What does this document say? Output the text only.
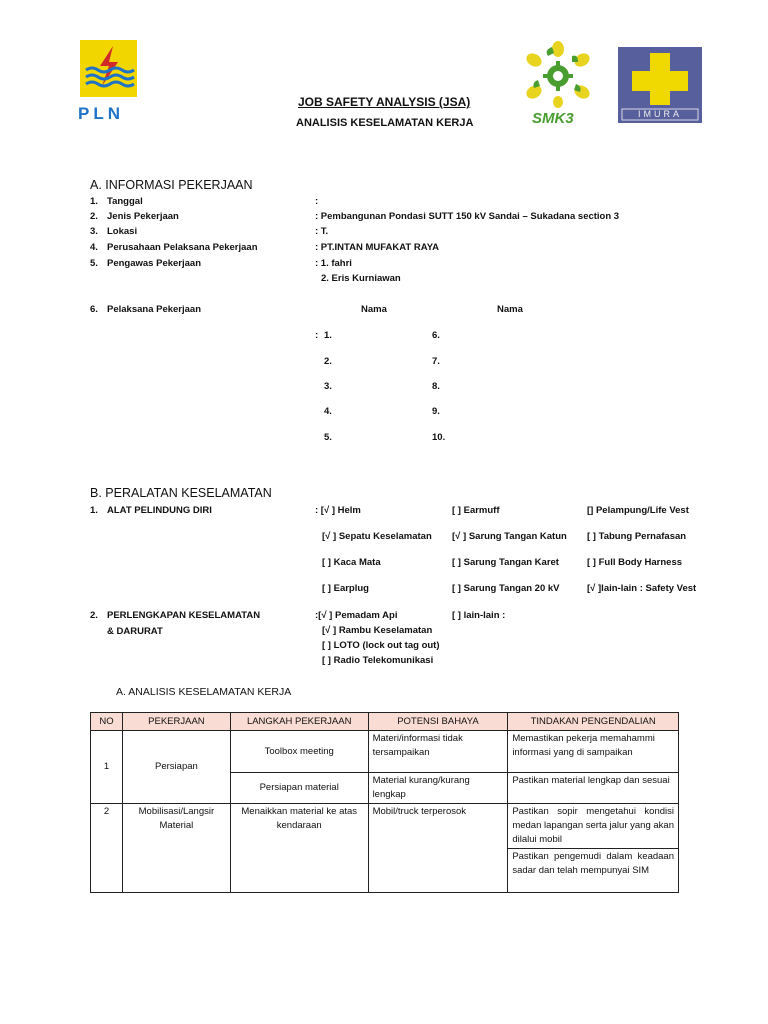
PLN	SMK3	IMURA
JOB SAFETY ANALYSIS (JSA)
ANALISIS KESELAMATAN KERJA
A. INFORMASI PEKERJAAN
1. Tanggal	:
2. Jenis Pekerjaan	: Pembangunan Pondasi SUTT 150 kV Sandai – Sukadana section 3
3. Lokasi	: T.
4. Perusahaan Pelaksana Pekerjaan	: PT.INTAN MUFAKAT RAYA
5. Pengawas Pekerjaan	: 1. fahri
2. Eris Kurniawan
6. Pelaksana Pekerjaan	Nama	Nama
: 1.
2.
3.
4.
5.
6.
7.
8.
9.
10.
B. PERALATAN KESELAMATAN
1. ALAT PELINDUNG DIRI	: [√ ] Helm	[ ] Earmuff	[] Pelampung/Life Vest
[√ ] Sepatu Keselamatan [√ ] Sarung Tangan Katun [ ] Tabung Pernafasan
[ ] Kaca Mata	[ ] Sarung Tangan Karet	[ ] Full Body Harness
[ ] Earplug	[ ] Sarung Tangan 20 kV	[√ ]lain-lain : Safety Vest
2. PERLENGKAPAN KESELAMATAN
& DARURAT
:[√ ] Pemadam Api
[√ ] Rambu Keselamatan
[ ] LOTO (lock out tag out)
[ ] Radio Telekomunikasi
[ ] lain-lain :
A. ANALISIS KESELAMATAN KERJA
NO	PEKERJAAN	LANGKAH PEKERJAAN	POTENSI BAHAYA	TINDAKAN PENGENDALIAN
1	Persiapan	Toolbox meeting	Materi/informasi tidak tersampaikan	Memastikan pekerja memahammi informasi yang di sampaikan
		Persiapan material	Material kurang/kurang lengkap	Pastikan material lengkap dan sesuai
2	Mobilisasi/Langsir Material	Menaikkan material ke atas kendaraan	Mobil/truck terperosok	Pastikan sopir mengetahui kondisi medan lapangan serta jalur yang akan dilalui mobil
				Pastikan pengemudi dalam keadaan sadar dan telah mempunyai SIM
